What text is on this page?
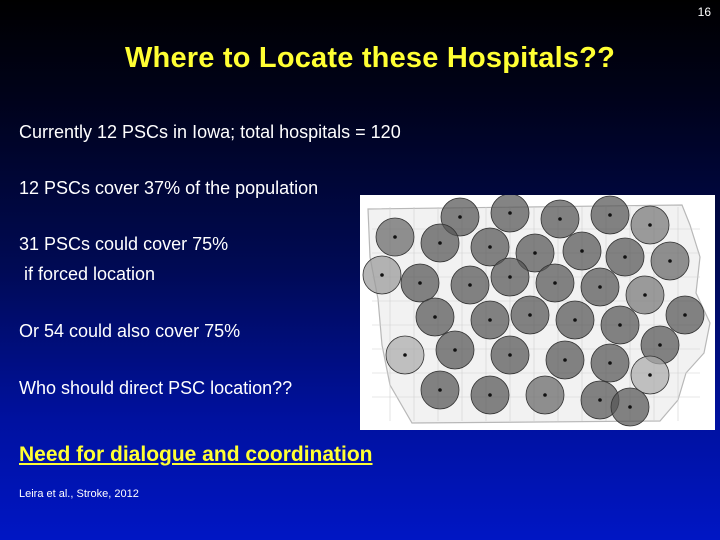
16
Where to Locate these Hospitals??
Currently 12 PSCs in Iowa; total hospitals = 120
12 PSCs cover 37% of the population
31 PSCs could cover 75%
if forced location
Or 54 could also cover 75%
Who should direct PSC location??
Need for dialogue and coordination
Leira et al., Stroke, 2012
